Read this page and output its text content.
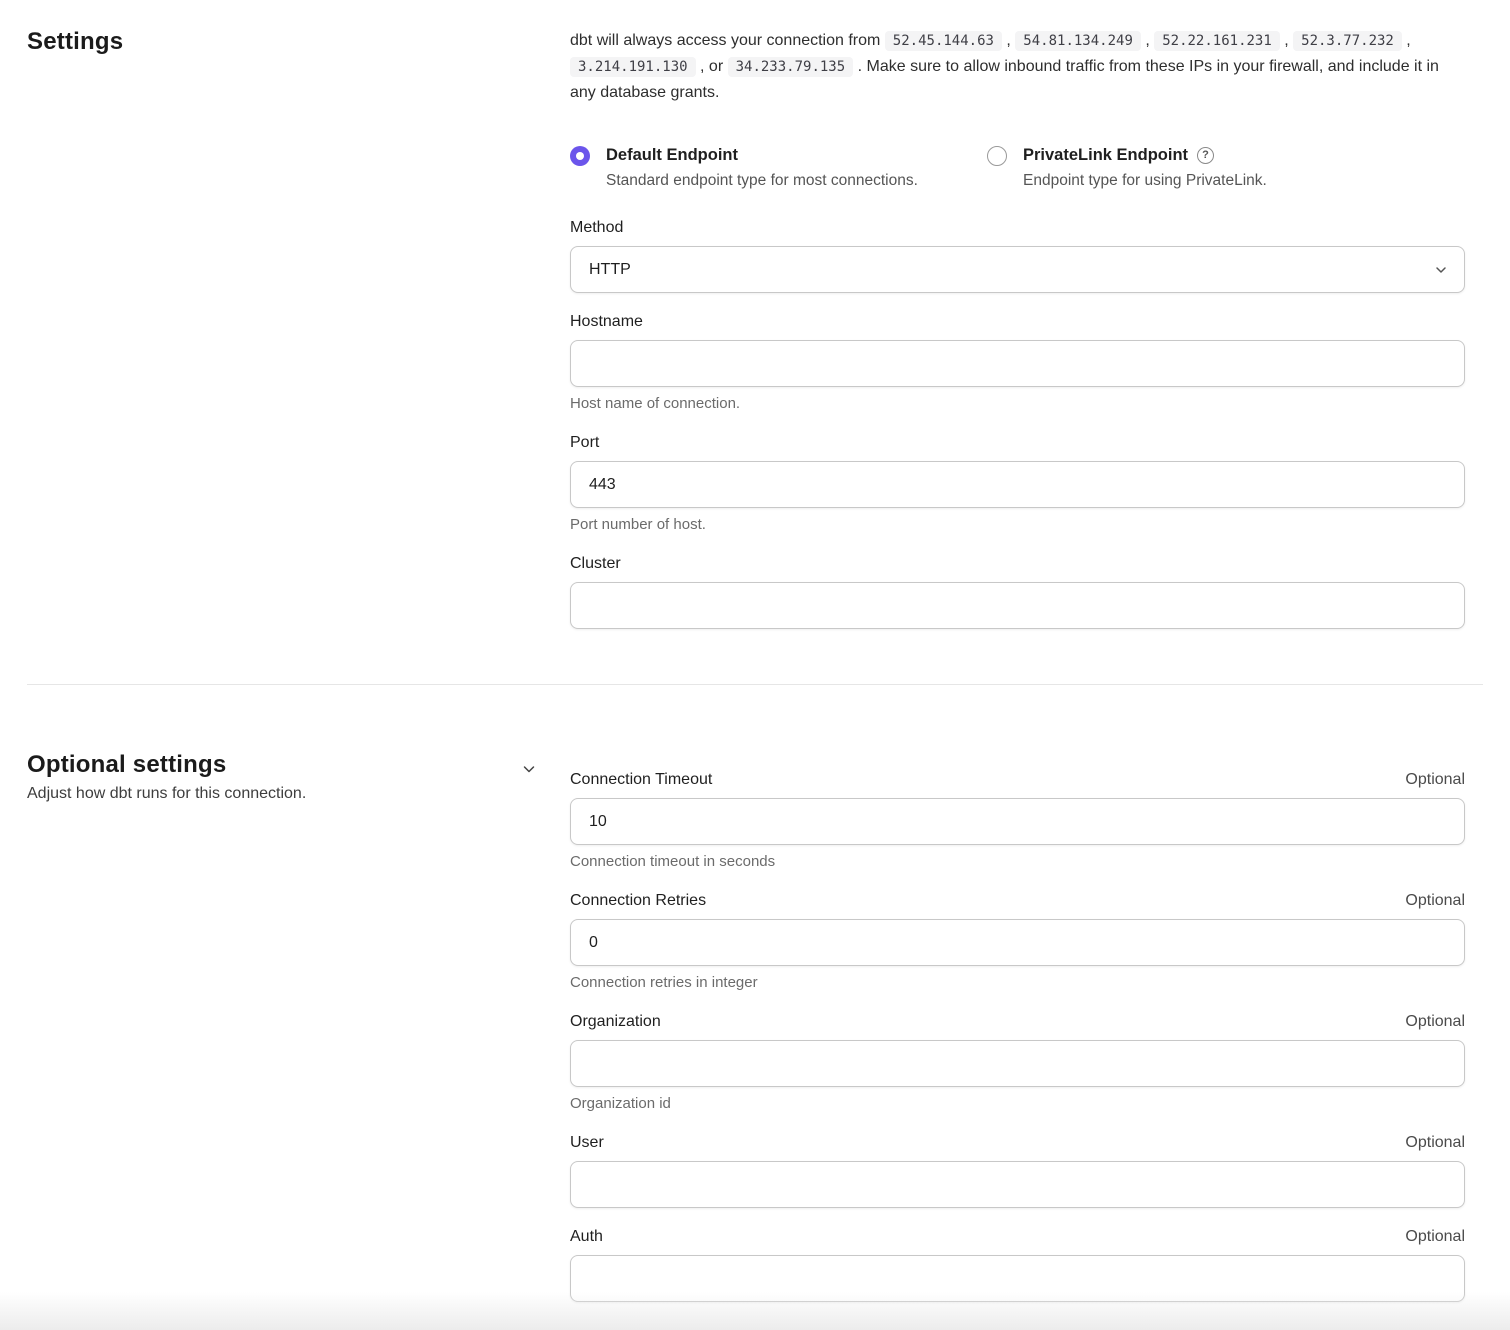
Settings	dbt will always access your connection from 52.45.144.63 , 54.81.134.249 , 52.22.161.231 , 52.3.77.232 , 3.214.191.130 , or 34.233.79.135 . Make sure to allow inbound traffic from these IPs in your firewall, and include it in any database grants.

Default Endpoint
Standard endpoint type for most connections.
PrivateLink Endpoint	?
Endpoint type for using PrivateLink.
Method
HTTP
Hostname
Host name of connection.
Port
443
Port number of host.
Cluster
Optional settings
Adjust how dbt runs for this connection.
Connection Timeout	Optional
10
Connection timeout in seconds
Connection Retries	Optional
0
Connection retries in integer
Organization	Optional
Organization id
User	Optional
Auth	Optional
